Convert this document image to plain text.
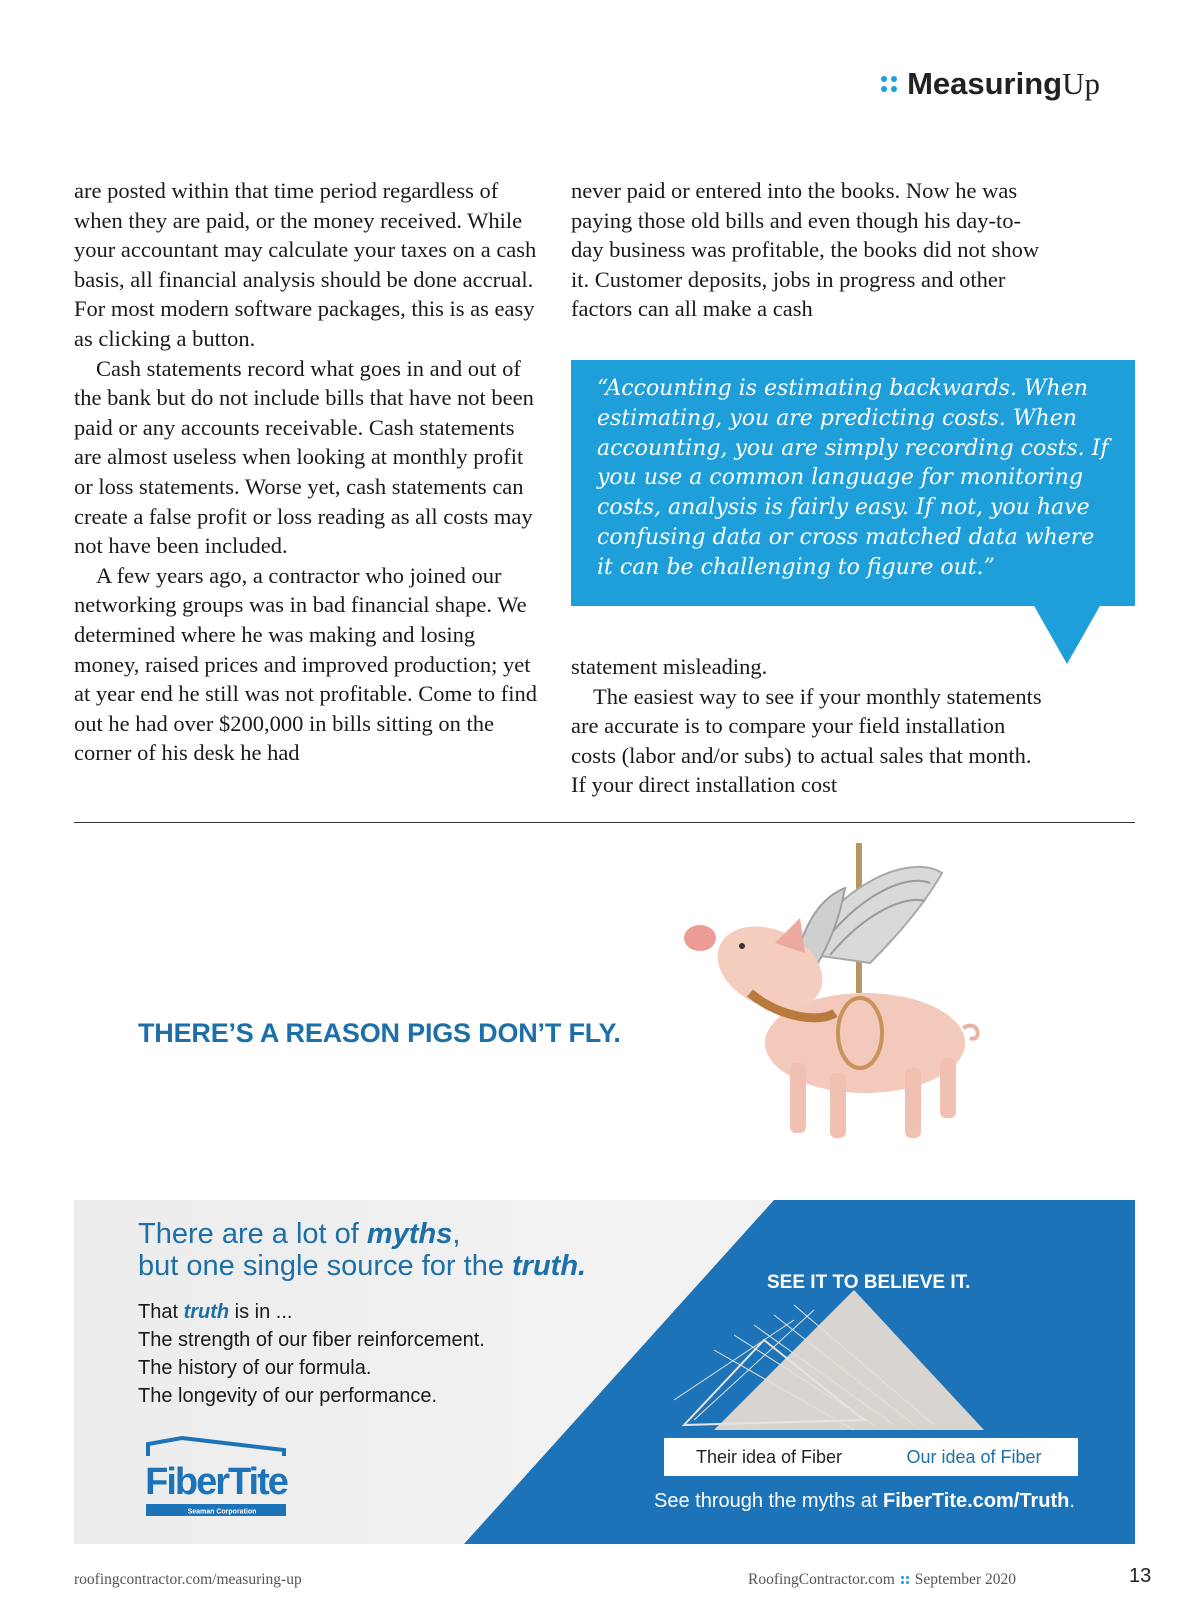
MeasuringUp

are posted within that time period regardless of when they are paid, or the money received. While your accountant may calculate your taxes on a cash basis, all financial analysis should be done accrual. For most modern software packages, this is as easy as clicking a button.

Cash statements record what goes in and out of the bank but do not include bills that have not been paid or any accounts receivable. Cash statements are almost useless when looking at monthly profit or loss statements. Worse yet, cash statements can create a false profit or loss reading as all costs may not have been included.

A few years ago, a contractor who joined our networking groups was in bad financial shape. We determined where he was making and losing money, raised prices and improved production; yet at year end he still was not profitable. Come to find out he had over $200,000 in bills sitting on the corner of his desk he had

never paid or entered into the books. Now he was paying those old bills and even though his day-to-day business was profitable, the books did not show it. Customer deposits, jobs in progress and other factors can all make a cash

“Accounting is estimating backwards. When estimating, you are predicting costs. When accounting, you are simply recording costs. If you use a common language for monitoring costs, analysis is fairly easy. If not, you have confusing data or cross matched data where it can be challenging to figure out.”

statement misleading.

The easiest way to see if your monthly statements are accurate is to compare your field installation costs (labor and/or subs) to actual sales that month. If your direct installation cost

THERE’S A REASON PIGS DON’T FLY.
There are a lot of myths,
but one single source for the truth.
That truth is in ...
The strength of our fiber reinforcement.
The history of our formula.
The longevity of our performance.
SEE IT TO BELIEVE IT.
Their idea of Fiber	Our idea of Fiber
See through the myths at FiberTite.com/Truth.
FiberTite
Seaman Corporation
roofingcontractor.com/measuring-up	RoofingContractor.com September 2020	13
